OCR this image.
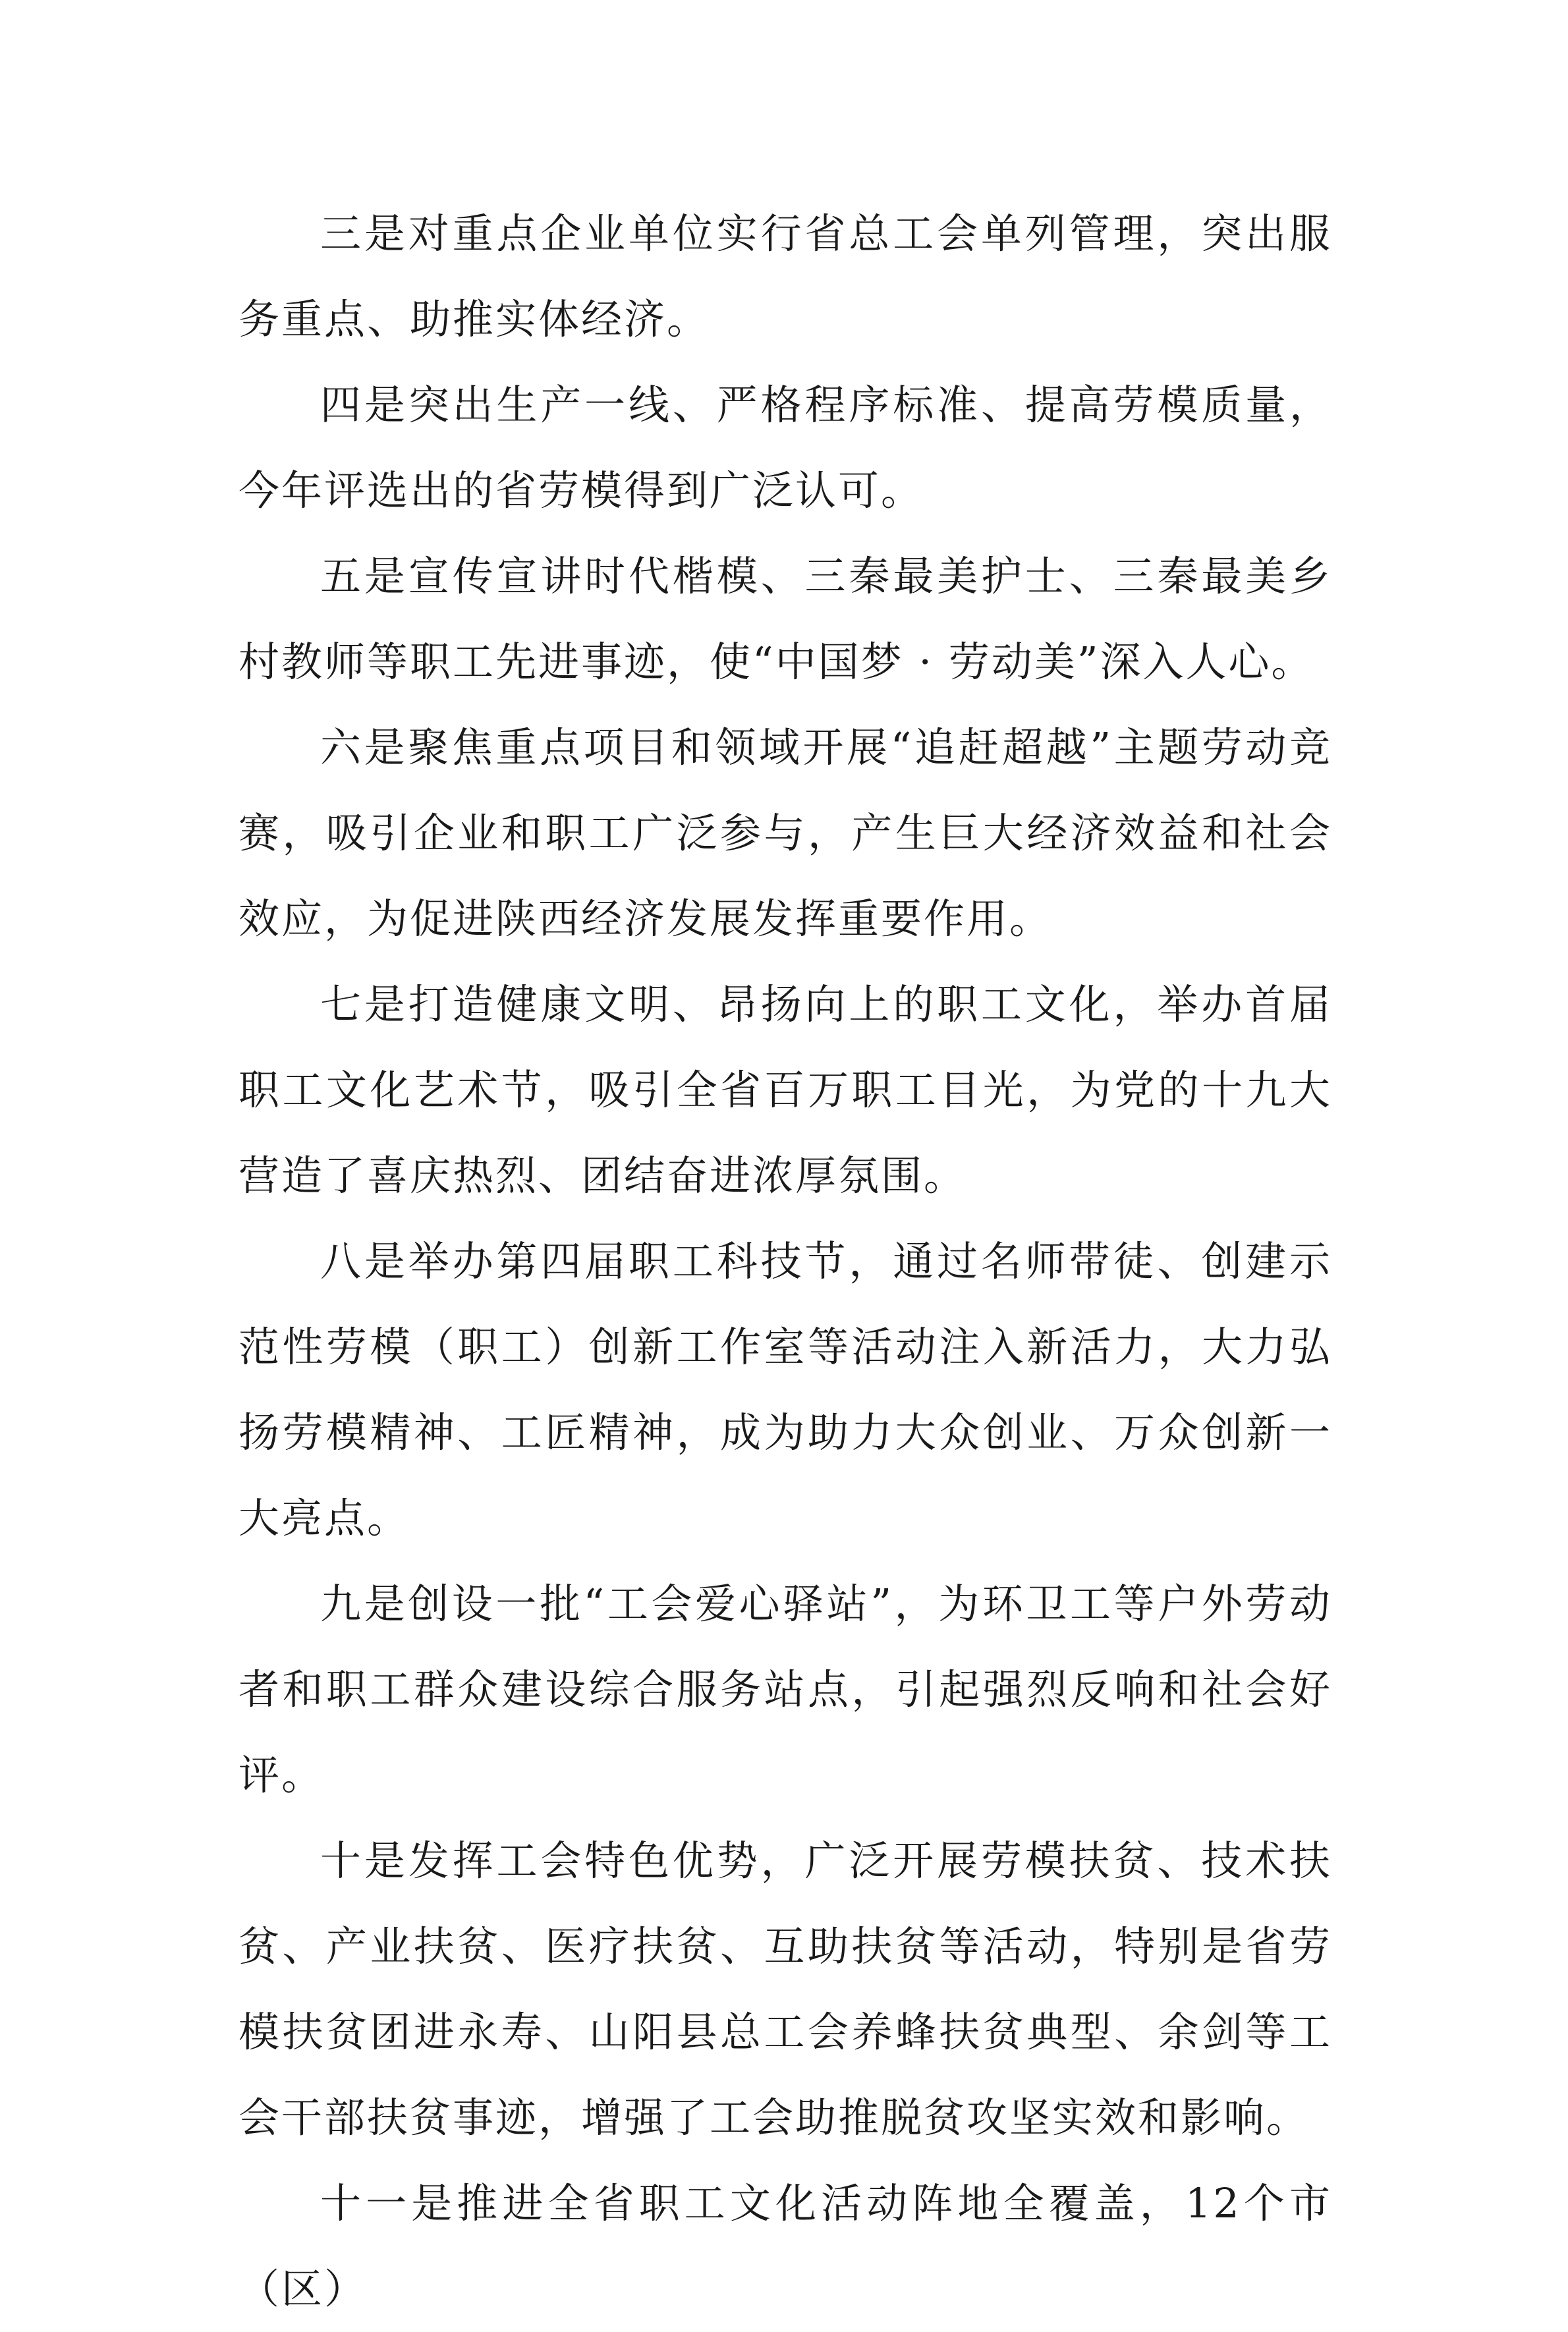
三是对重点企业单位实行省总工会单列管理，突出服务重点、助推实体经济。

四是突出生产一线、严格程序标准、提高劳模质量，今年评选出的省劳模得到广泛认可。

五是宣传宣讲时代楷模、三秦最美护士、三秦最美乡村教师等职工先进事迹，使“中国梦 · 劳动美”深入人心。

六是聚焦重点项目和领域开展“追赶超越”主题劳动竞赛，吸引企业和职工广泛参与，产生巨大经济效益和社会效应，为促进陕西经济发展发挥重要作用。

七是打造健康文明、昂扬向上的职工文化，举办首届职工文化艺术节，吸引全省百万职工目光，为党的十九大营造了喜庆热烈、团结奋进浓厚氛围。

八是举办第四届职工科技节，通过名师带徒、创建示范性劳模（职工）创新工作室等活动注入新活力，大力弘扬劳模精神、工匠精神，成为助力大众创业、万众创新一大亮点。

九是创设一批“工会爱心驿站”，为环卫工等户外劳动者和职工群众建设综合服务站点，引起强烈反响和社会好评。

十是发挥工会特色优势，广泛开展劳模扶贫、技术扶贫、产业扶贫、医疗扶贫、互助扶贫等活动，特别是省劳模扶贫团进永寿、山阳县总工会养蜂扶贫典型、余剑等工会干部扶贫事迹，增强了工会助推脱贫攻坚实效和影响。

十一是推进全省职工文化活动阵地全覆盖，12个市（区）
